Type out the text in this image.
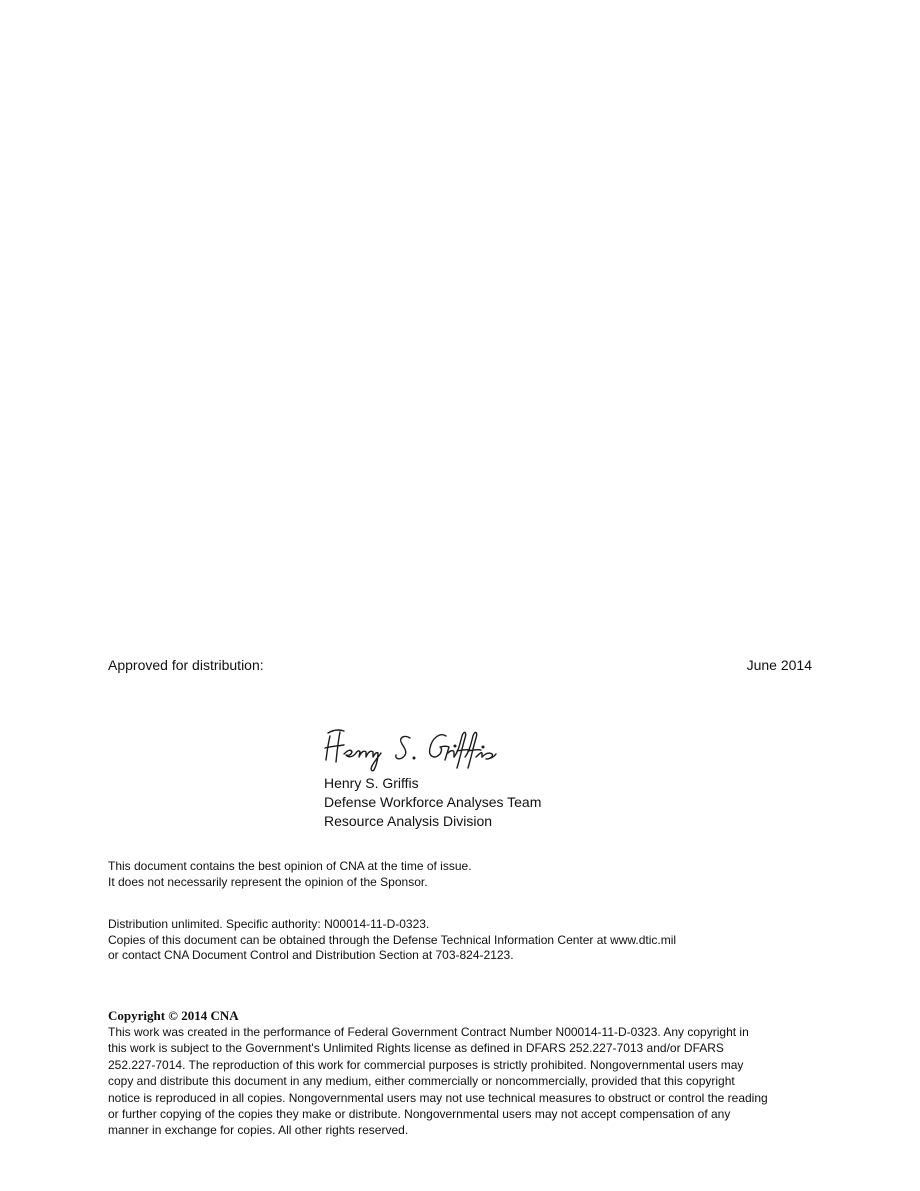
Approved for distribution:	June 2014
Henry S. Griffis
Defense Workforce Analyses Team
Resource Analysis Division
This document contains the best opinion of CNA at the time of issue.
It does not necessarily represent the opinion of the Sponsor.
Distribution unlimited. Specific authority: N00014-11-D-0323.
Copies of this document can be obtained through the Defense Technical Information Center at www.dtic.mil
or contact CNA Document Control and Distribution Section at 703-824-2123.
Copyright © 2014 CNA
This work was created in the performance of Federal Government Contract Number N00014-11-D-0323. Any copyright in
this work is subject to the Government's Unlimited Rights license as defined in DFARS 252.227-7013 and/or DFARS
252.227-7014. The reproduction of this work for commercial purposes is strictly prohibited. Nongovernmental users may
copy and distribute this document in any medium, either commercially or noncommercially, provided that this copyright
notice is reproduced in all copies. Nongovernmental users may not use technical measures to obstruct or control the reading
or further copying of the copies they make or distribute. Nongovernmental users may not accept compensation of any
manner in exchange for copies. All other rights reserved.
